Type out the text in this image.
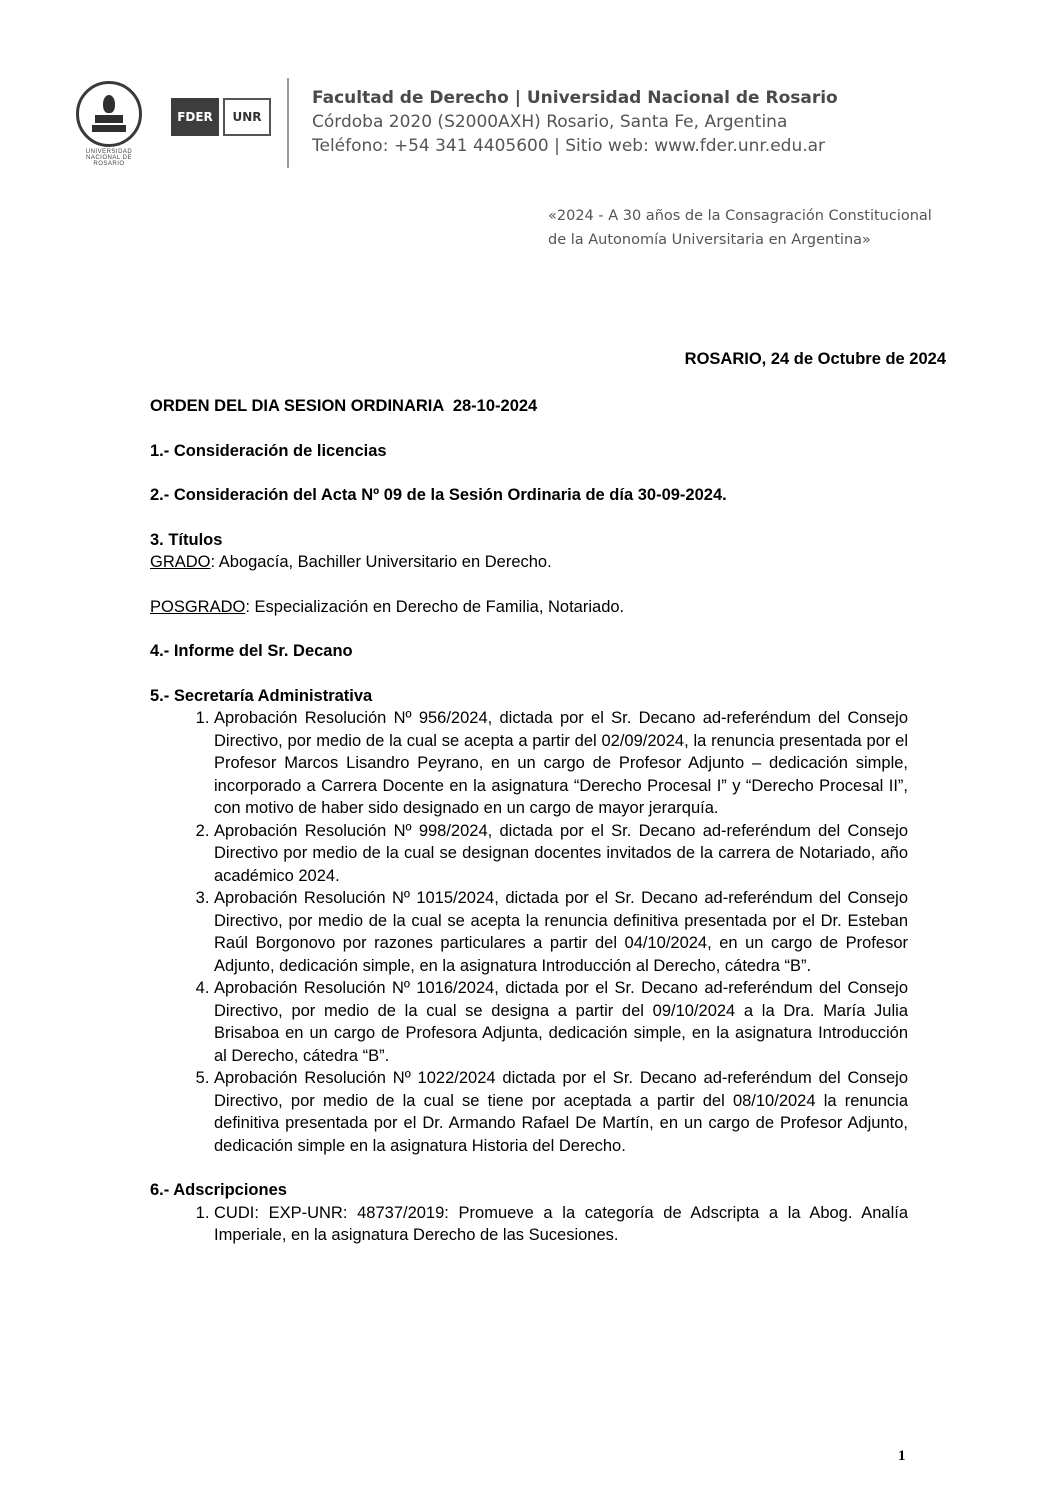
UNIVERSIDAD NACIONAL DE ROSARIO
FDER	UNR
Facultad de Derecho | Universidad Nacional de Rosario
Córdoba 2020 (S2000AXH) Rosario, Santa Fe, Argentina
Teléfono: +54 341 4405600 | Sitio web: www.fder.unr.edu.ar
«2024 - A 30 años de la Consagración Constitucional
de la Autonomía Universitaria en Argentina»
ROSARIO, 24 de Octubre de 2024

ORDEN DEL DIA SESION ORDINARIA  28-10-2024

1.- Consideración de licencias

2.- Consideración del Acta Nº 09 de la Sesión Ordinaria de día 30-09-2024.

3. Títulos

GRADO: Abogacía, Bachiller Universitario en Derecho.

POSGRADO: Especialización en Derecho de Familia, Notariado.

4.- Informe del Sr. Decano

5.- Secretaría Administrativa

1. Aprobación Resolución Nº 956/2024, dictada por el Sr. Decano ad-referéndum del Consejo Directivo, por medio de la cual se acepta a partir del 02/09/2024, la renuncia presentada por el Profesor Marcos Lisandro Peyrano, en un cargo de Profesor Adjunto – dedicación simple, incorporado a Carrera Docente en la asignatura “Derecho Procesal I” y “Derecho Procesal II”, con motivo de haber sido designado en un cargo de mayor jerarquía.
2. Aprobación Resolución Nº 998/2024, dictada por el Sr. Decano ad-referéndum del Consejo Directivo por medio de la cual se designan docentes invitados de la carrera de Notariado, año académico 2024.
3. Aprobación Resolución Nº 1015/2024, dictada por el Sr. Decano ad-referéndum del Consejo Directivo, por medio de la cual se acepta la renuncia definitiva presentada por el Dr. Esteban Raúl Borgonovo por razones particulares a partir del 04/10/2024, en un cargo de Profesor Adjunto, dedicación simple, en la asignatura Introducción al Derecho, cátedra “B”.
4. Aprobación Resolución Nº 1016/2024, dictada por el Sr. Decano ad-referéndum del Consejo Directivo, por medio de la cual se designa a partir del 09/10/2024 a la Dra. María Julia Brisaboa en un cargo de Profesora Adjunta, dedicación simple, en la asignatura Introducción al Derecho, cátedra “B”.
5. Aprobación Resolución Nº 1022/2024 dictada por el Sr. Decano ad-referéndum del Consejo Directivo, por medio de la cual se tiene por aceptada a partir del 08/10/2024 la renuncia definitiva presentada por el Dr. Armando Rafael De Martín, en un cargo de Profesor Adjunto, dedicación simple en la asignatura Historia del Derecho.

6.- Adscripciones

1. CUDI: EXP-UNR: 48737/2019: Promueve a la categoría de Adscripta a la Abog. Analía Imperiale, en la asignatura Derecho de las Sucesiones.
1
